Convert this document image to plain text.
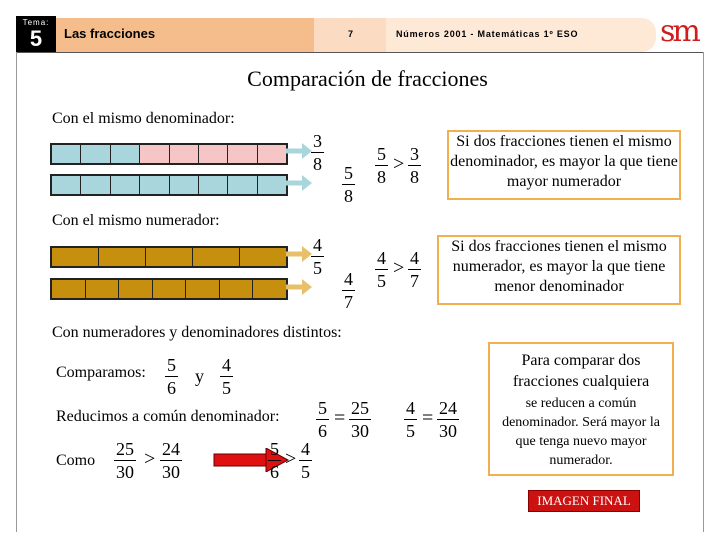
Tema:
5	Las fracciones	7	Números 2001 - Matemáticas 1º ESO	sm
Comparación de fracciones
Con el mismo denominador:
$\frac{3}{8}$
$\frac{5}{8} \frac{5}{8} > \frac{3}{8}$
Si dos fracciones tienen el mismo denominador, es mayor la que tiene mayor numerador
Con el mismo numerador:
$\frac{4}{5}$
$\frac{4}{7}$
$\frac{4}{5} > \frac{4}{7}$
Si dos fracciones tienen el mismo numerador, es mayor la que tiene menor denominador
Con numeradores y denominadores distintos:
Comparamos: $\frac{5}{6}$ y $\frac{4}{5}$
Reducimos a común denominador: $\frac{5}{6} = \frac{25}{30} \frac{4}{5} = \frac{24}{30}$
Como $\frac{25}{30} > \frac{24}{30}$	$\frac{5}{6} > \frac{4}{5}$
Para comparar dos fracciones cualquiera
se reducen a común denominador. Será mayor la que tenga nuevo mayor numerador.
IMAGEN FINAL
